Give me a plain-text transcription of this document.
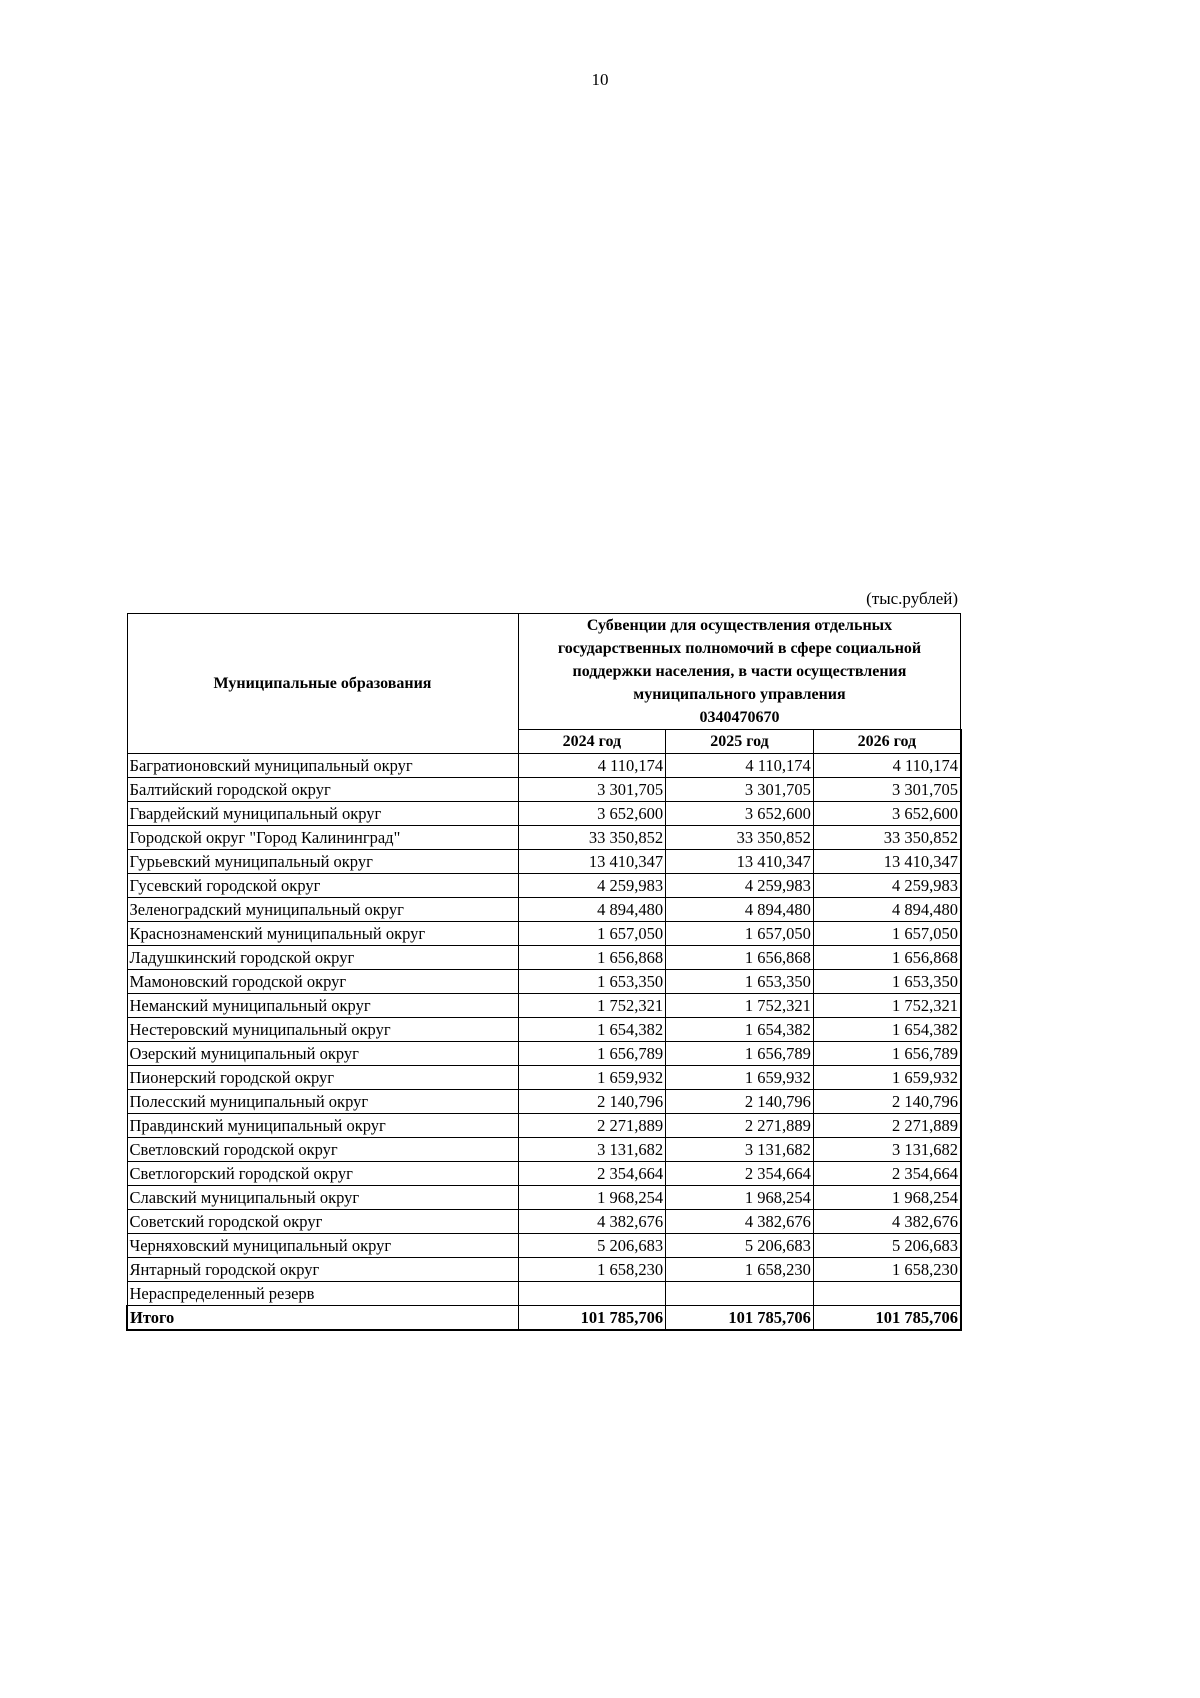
10
(тыс.рублей)
Муниципальные образования	Субвенции для осуществления отдельных
государственных полномочий в сфере социальной
поддержки населения, в части осуществления
муниципального управления
0340470670		
	2024 год	2025 год	2026 год
Багратионовский муниципальный округ	4 110,174	4 110,174	4 110,174
Балтийский городской округ	3 301,705	3 301,705	3 301,705
Гвардейский муниципальный округ	3 652,600	3 652,600	3 652,600
Городской округ "Город Калининград"	33 350,852	33 350,852	33 350,852
Гурьевский муниципальный округ	13 410,347	13 410,347	13 410,347
Гусевский городской округ	4 259,983	4 259,983	4 259,983
Зеленоградский муниципальный округ	4 894,480	4 894,480	4 894,480
Краснознаменский муниципальный округ	1 657,050	1 657,050	1 657,050
Ладушкинский городской округ	1 656,868	1 656,868	1 656,868
Мамоновский городской округ	1 653,350	1 653,350	1 653,350
Неманский муниципальный округ	1 752,321	1 752,321	1 752,321
Нестеровский муниципальный округ	1 654,382	1 654,382	1 654,382
Озерский муниципальный округ	1 656,789	1 656,789	1 656,789
Пионерский городской округ	1 659,932	1 659,932	1 659,932
Полесский муниципальный округ	2 140,796	2 140,796	2 140,796
Правдинский муниципальный округ	2 271,889	2 271,889	2 271,889
Светловский городской округ	3 131,682	3 131,682	3 131,682
Светлогорский городской округ	2 354,664	2 354,664	2 354,664
Славский муниципальный округ	1 968,254	1 968,254	1 968,254
Советский городской округ	4 382,676	4 382,676	4 382,676
Черняховский муниципальный округ	5 206,683	5 206,683	5 206,683
Янтарный городской округ	1 658,230	1 658,230	1 658,230
Нераспределенный резерв			
Итого	101 785,706	101 785,706	101 785,706
